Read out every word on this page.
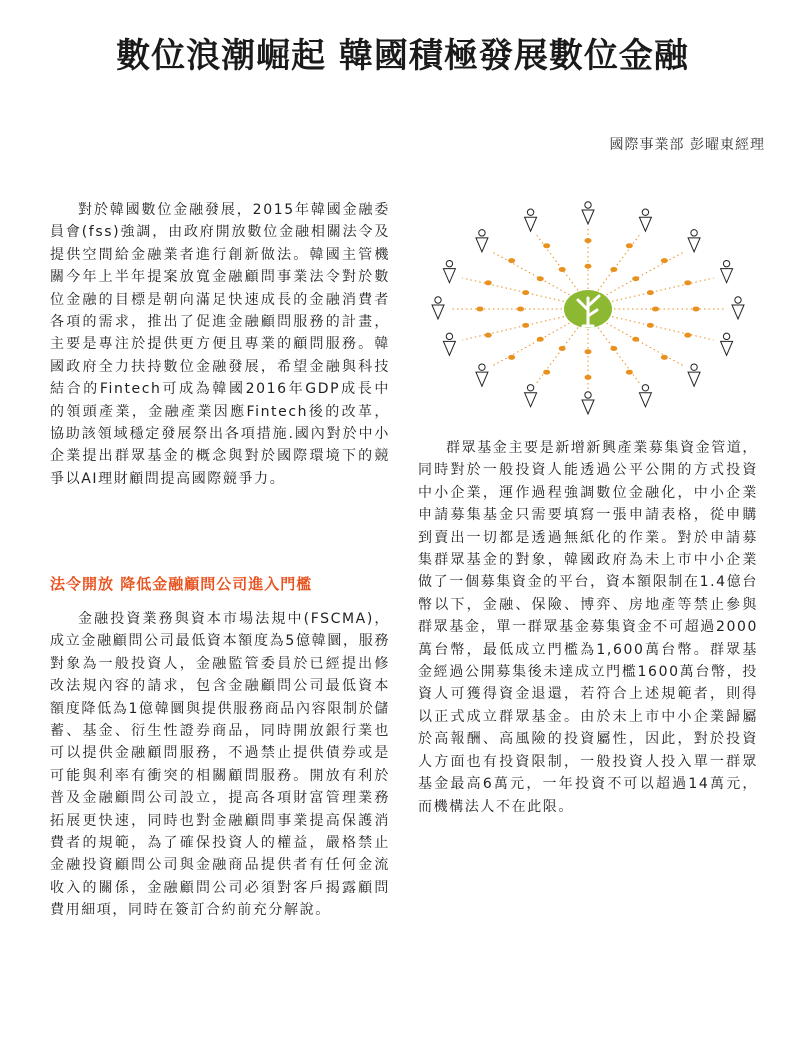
數位浪潮崛起 韓國積極發展數位金融
國際事業部 彭曜東經理

對於韓國數位金融發展，2015年韓國金融委員會(fss)強調，由政府開放數位金融相關法令及提供空間給金融業者進行創新做法。韓國主管機關今年上半年提案放寬金融顧問事業法令對於數位金融的目標是朝向滿足快速成長的金融消費者各項的需求，推出了促進金融顧問服務的計畫，主要是專注於提供更方便且專業的顧問服務。韓國政府全力扶持數位金融發展，希望金融與科技結合的Fintech可成為韓國2016年GDP成長中的領頭產業，金融產業因應Fintech後的改革，協助該領域穩定發展祭出各項措施.國內對於中小企業提出群眾基金的概念與對於國際環境下的競爭以AI理財顧問提高國際競爭力。

法令開放 降低金融顧問公司進入門檻

金融投資業務與資本市場法規中(FSCMA)，成立金融顧問公司最低資本額度為5億韓圜，服務對象為一般投資人，金融監管委員於已經提出修改法規內容的請求，包含金融顧問公司最低資本額度降低為1億韓圜與提供服務商品內容限制於儲蓄、基金、衍生性證券商品，同時開放銀行業也可以提供金融顧問服務，不過禁止提供債券或是可能與利率有衝突的相關顧問服務。開放有利於普及金融顧問公司設立，提高各項財富管理業務拓展更快速，同時也對金融顧問事業提高保護消費者的規範，為了確保投資人的權益，嚴格禁止金融投資顧問公司與金融商品提供者有任何金流收入的關係，金融顧問公司必須對客戶揭露顧問費用細項，同時在簽訂合約前充分解說。

群眾基金主要是新增新興產業募集資金管道，同時對於一般投資人能透過公平公開的方式投資中小企業，運作過程強調數位金融化，中小企業申請募集基金只需要填寫一張申請表格，從申購到賣出一切都是透過無紙化的作業。對於申請募集群眾基金的對象，韓國政府為未上市中小企業做了一個募集資金的平台，資本額限制在1.4億台幣以下，金融、保險、博弈、房地產等禁止參與群眾基金，單一群眾基金募集資金不可超過2000萬台幣，最低成立門檻為1,600萬台幣。群眾基金經過公開募集後未達成立門檻1600萬台幣，投資人可獲得資金退還，若符合上述規範者，則得以正式成立群眾基金。由於未上市中小企業歸屬於高報酬、高風險的投資屬性，因此，對於投資人方面也有投資限制，一般投資人投入單一群眾基金最高6萬元，一年投資不可以超過14萬元，而機構法人不在此限。
